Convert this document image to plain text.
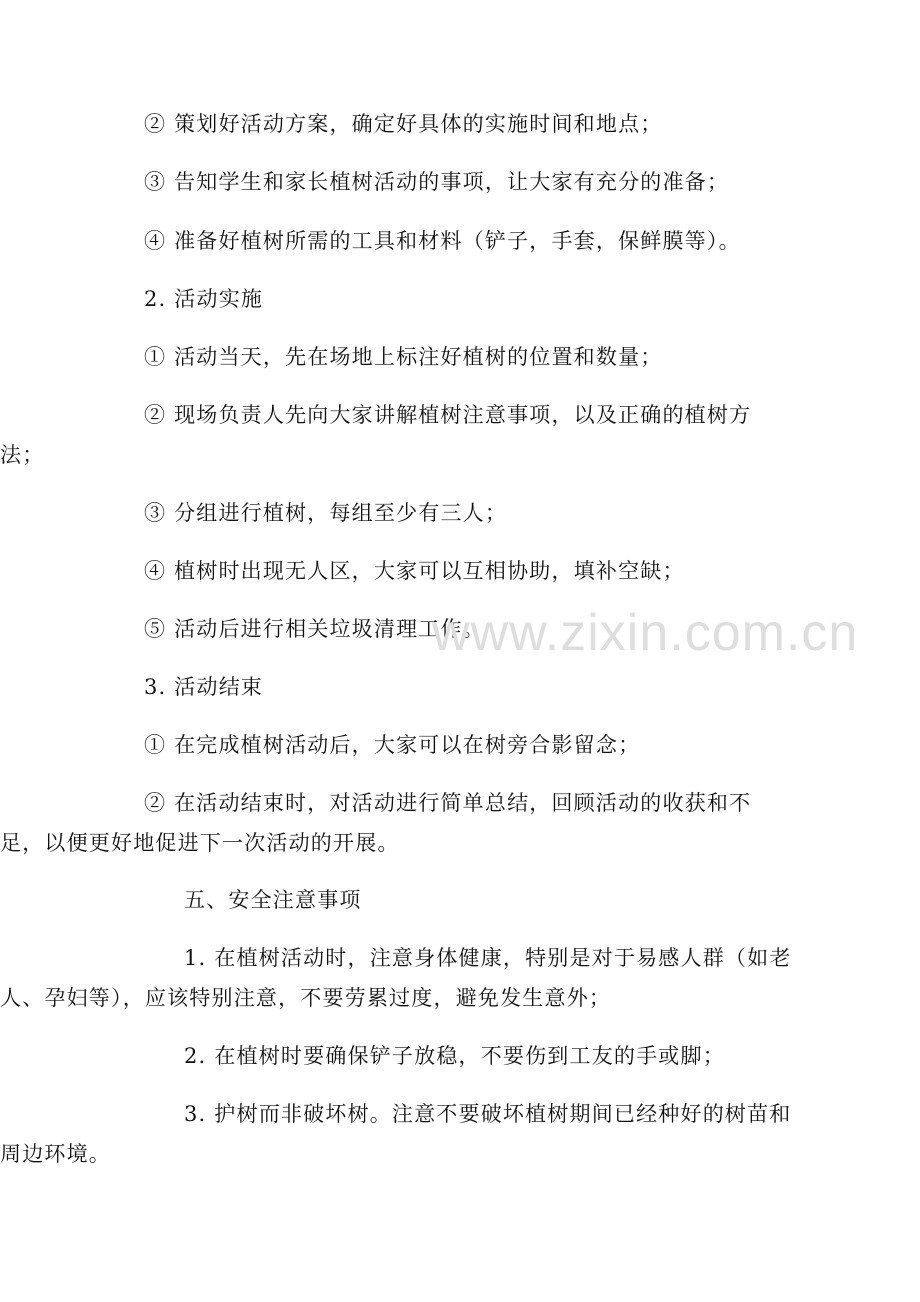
② 策划好活动方案，确定好具体的实施时间和地点；
③ 告知学生和家长植树活动的事项，让大家有充分的准备；
④ 准备好植树所需的工具和材料（铲子，手套，保鲜膜等）。
2. 活动实施
① 活动当天，先在场地上标注好植树的位置和数量；
② 现场负责人先向大家讲解植树注意事项，以及正确的植树方
法；
③ 分组进行植树，每组至少有三人；
④ 植树时出现无人区，大家可以互相协助，填补空缺；
⑤ 活动后进行相关垃圾清理工作。
3. 活动结束
① 在完成植树活动后，大家可以在树旁合影留念；
② 在活动结束时，对活动进行简单总结，回顾活动的收获和不
足，以便更好地促进下一次活动的开展。
五、安全注意事项
1. 在植树活动时，注意身体健康，特别是对于易感人群（如老
人、孕妇等），应该特别注意，不要劳累过度，避免发生意外；
2. 在植树时要确保铲子放稳，不要伤到工友的手或脚；
3. 护树而非破坏树。注意不要破坏植树期间已经种好的树苗和
周边环境。
www.zixin.com.cn
